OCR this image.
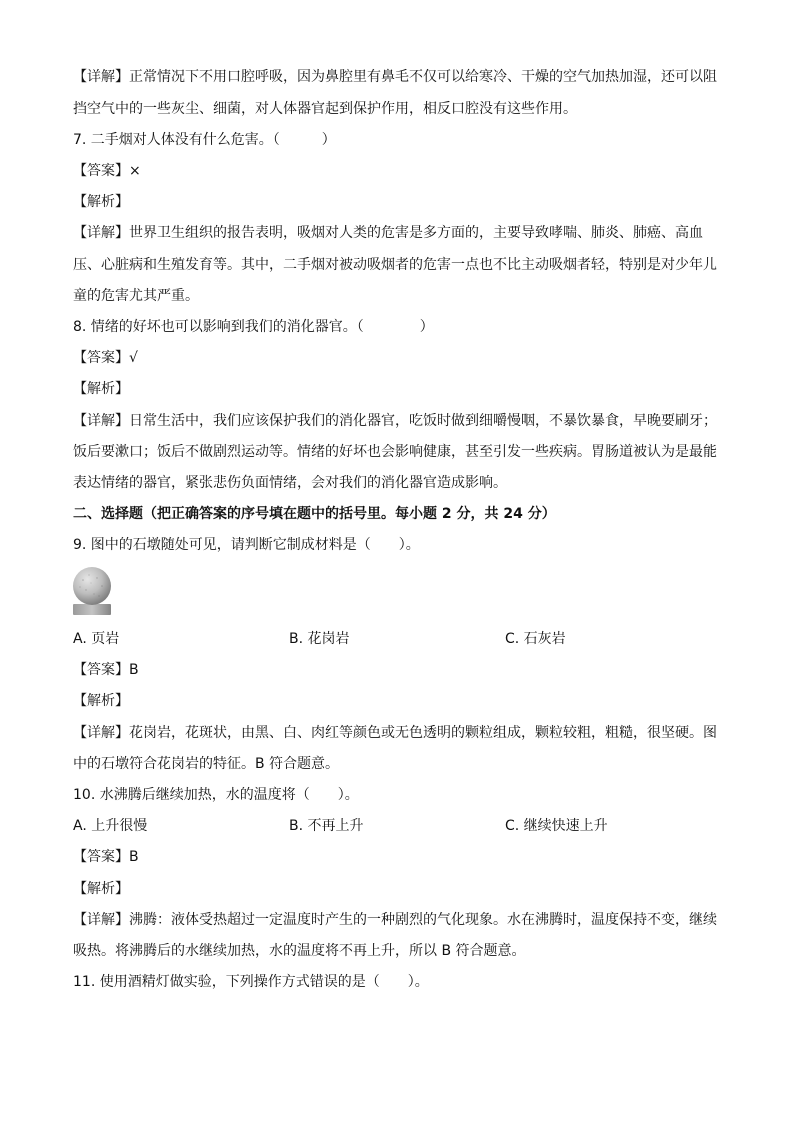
【详解】正常情况下不用口腔呼吸，因为鼻腔里有鼻毛不仅可以给寒冷、干燥的空气加热加湿，还可以阻
挡空气中的一些灰尘、细菌，对人体器官起到保护作用，相反口腔没有这些作用。
7. 二手烟对人体没有什么危害。（　　　）
【答案】×
【解析】
【详解】世界卫生组织的报告表明，吸烟对人类的危害是多方面的，主要导致哮喘、肺炎、肺癌、高血
压、心脏病和生殖发育等。其中，二手烟对被动吸烟者的危害一点也不比主动吸烟者轻，特别是对少年儿
童的危害尤其严重。
8. 情绪的好坏也可以影响到我们的消化器官。（　　　　）
【答案】√
【解析】
【详解】日常生活中，我们应该保护我们的消化器官，吃饭时做到细嚼慢咽，不暴饮暴食，早晚要刷牙；
饭后要漱口；饭后不做剧烈运动等。情绪的好坏也会影响健康，甚至引发一些疾病。胃肠道被认为是最能
表达情绪的器官，紧张悲伤负面情绪，会对我们的消化器官造成影响。
二、选择题（把正确答案的序号填在题中的括号里。每小题 2 分，共 24 分）
9. 图中的石墩随处可见，请判断它制成材料是（　　）。
A. 页岩	B. 花岗岩	C. 石灰岩
【答案】B
【解析】
【详解】花岗岩，花斑状，由黑、白、肉红等颜色或无色透明的颗粒组成，颗粒较粗，粗糙，很坚硬。图
中的石墩符合花岗岩的特征。B 符合题意。
10. 水沸腾后继续加热，水的温度将（　　）。
A. 上升很慢	B. 不再上升	C. 继续快速上升
【答案】B
【解析】
【详解】沸腾：液体受热超过一定温度时产生的一种剧烈的气化现象。水在沸腾时，温度保持不变，继续
吸热。将沸腾后的水继续加热，水的温度将不再上升，所以 B 符合题意。
11. 使用酒精灯做实验，下列操作方式错误的是（　　）。
